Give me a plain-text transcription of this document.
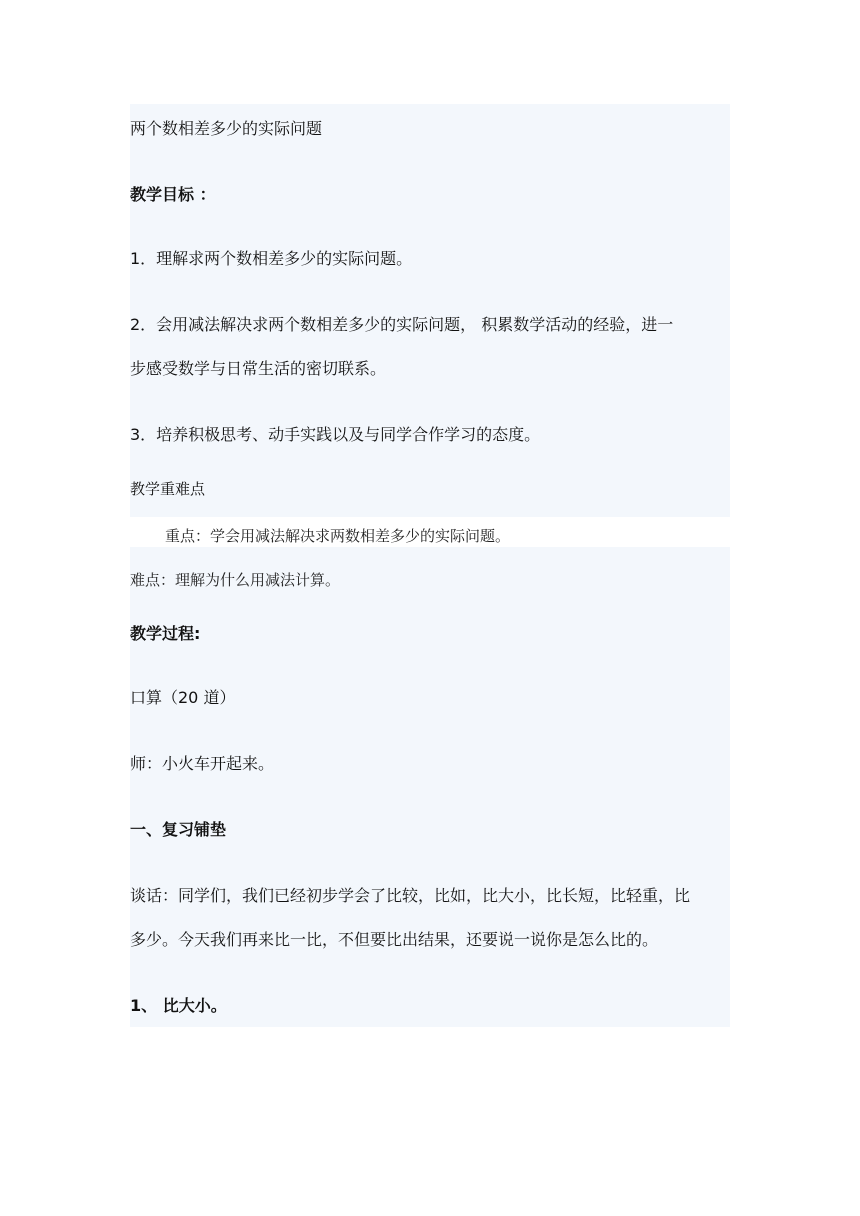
两个数相差多少的实际问题
教学目标 ：
1．理解求两个数相差多少的实际问题。
2．会用减法解决求两个数相差多少的实际问题， 积累数学活动的经验，进一
步感受数学与日常生活的密切联系。
3．培养积极思考、动手实践以及与同学合作学习的态度。
教学重难点
重点：学会用减法解决求两数相差多少的实际问题。
难点：理解为什么用减法计算。
教学过程:
口算（20 道）
师：小火车开起来。
一、复习铺垫
谈话：同学们，我们已经初步学会了比较，比如，比大小，比长短，比轻重，比
多少。今天我们再来比一比，不但要比出结果，还要说一说你是怎么比的。
1、 比大小。
